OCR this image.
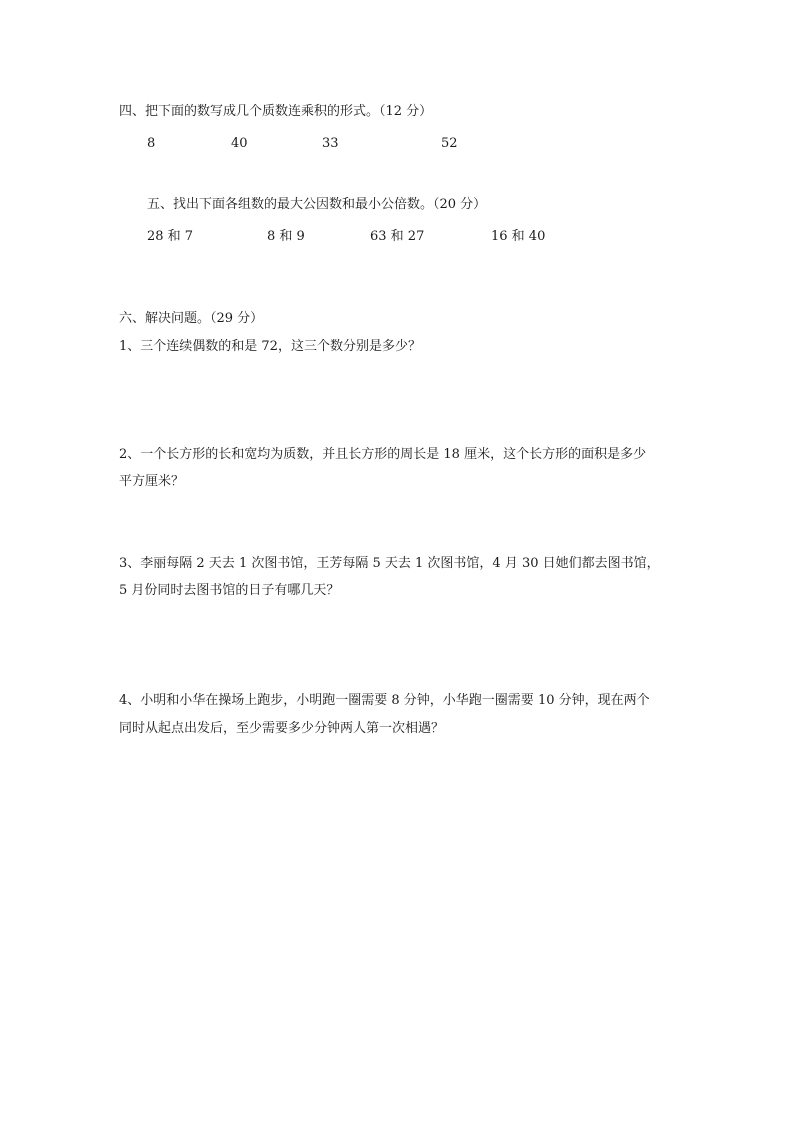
四、把下面的数写成几个质数连乘积的形式。（12 分）
8	40	33	52
五、找出下面各组数的最大公因数和最小公倍数。（20 分）
28 和 7	8 和 9	63 和 27	16 和 40
六、解决问题。（29 分）
1、三个连续偶数的和是 72，这三个数分别是多少？
2、一个长方形的长和宽均为质数，并且长方形的周长是 18 厘米，这个长方形的面积是多少
平方厘米？
3、李丽每隔 2 天去 1 次图书馆，王芳每隔 5 天去 1 次图书馆，4 月 30 日她们都去图书馆，
5 月份同时去图书馆的日子有哪几天？
4、小明和小华在操场上跑步，小明跑一圈需要 8 分钟，小华跑一圈需要 10 分钟，现在两个
同时从起点出发后，至少需要多少分钟两人第一次相遇？
